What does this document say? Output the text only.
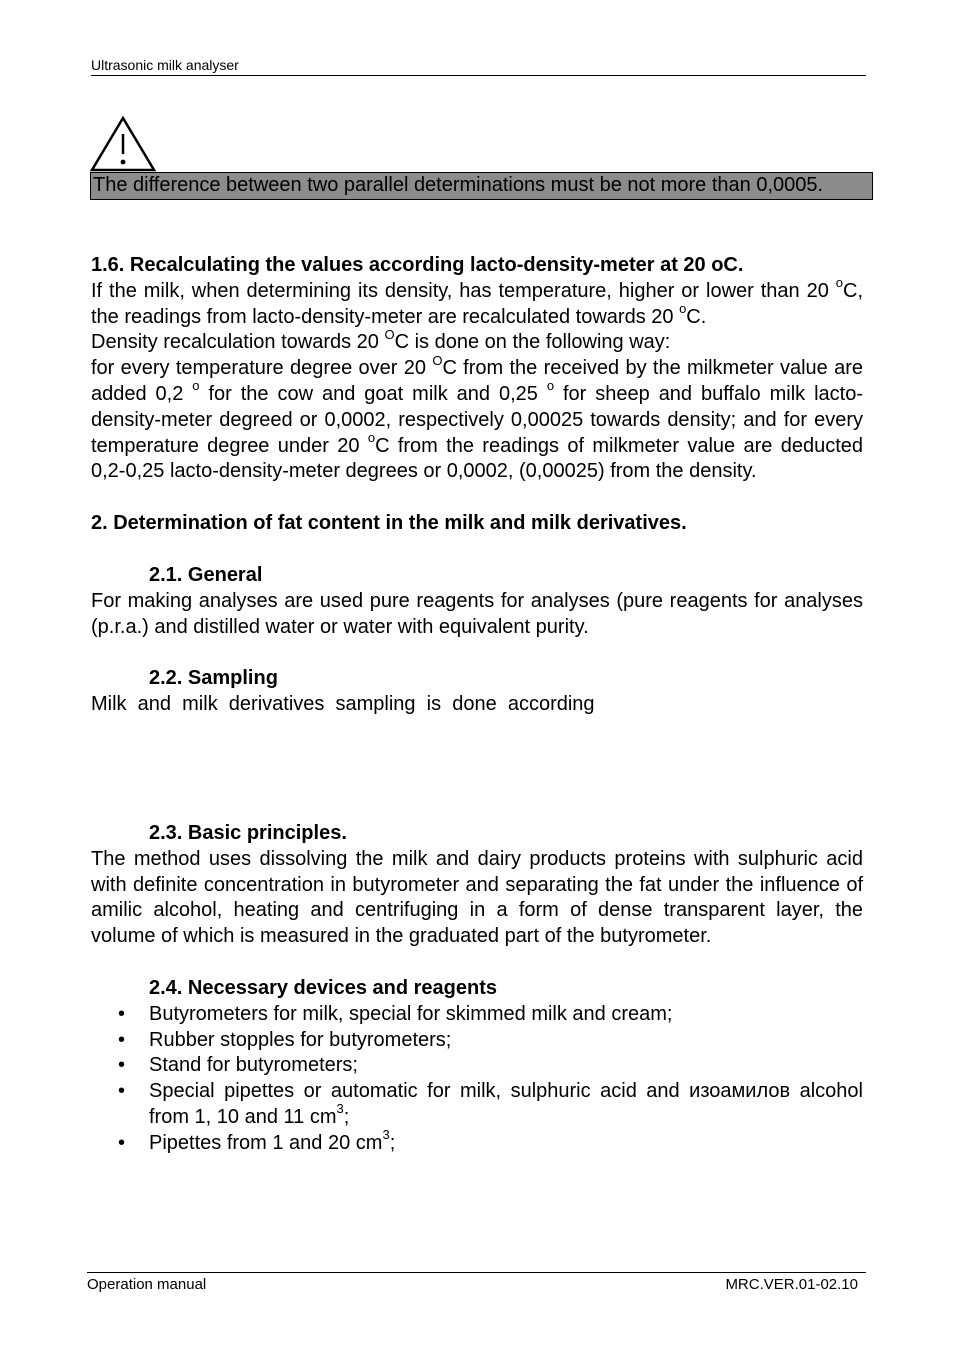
Ultrasonic milk analyser
The difference between two parallel determinations must be not more than 0,0005.

1.6. Recalculating the values according lacto-density-meter at 20 oC.

If the milk, when determining its density, has temperature, higher or lower than 20 $^o$C, the readings from lacto-density-meter are recalculated towards 20 $^o$C.

Density recalculation towards 20 $^O$C is done on the following way:

for every temperature degree over 20 $^O$C from the received by the milkmeter value are added 0,2 $^o$ for the cow and goat milk and 0,25 $^o$ for sheep and buffalo milk lacto-density-meter degreed or 0,0002, respectively 0,00025 towards density; and for every temperature degree under 20 $^o$C from the readings of milkmeter value are deducted 0,2-0,25 lacto-density-meter degrees or 0,0002, (0,00025) from the density.

2. Determination of fat content in the milk and milk derivatives.

2.1. General

For making analyses are used pure reagents for analyses (pure reagents for analyses (p.r.a.) and distilled water or water with equivalent purity.

2.2. Sampling

Milk  and  milk  derivatives  sampling  is  done  according

2.3. Basic principles.

The method uses dissolving the milk and dairy products proteins with sulphuric acid with definite concentration in butyrometer and separating the fat under the influence of amilic alcohol, heating and centrifuging in a form of dense transparent layer, the volume of which is measured in the graduated part of the butyrometer.

2.4. Necessary devices and reagents

• Butyrometers for milk, special for skimmed milk and cream;
• Rubber stopples for butyrometers;
• Stand for butyrometers;
• Special pipettes or automatic for milk, sulphuric acid and изоамилов alcohol from 1, 10 and 11 $cm^3$;
• Pipettes from 1 and 20 $cm^3$;
Operation manual	MRC.VER.01-02.10
